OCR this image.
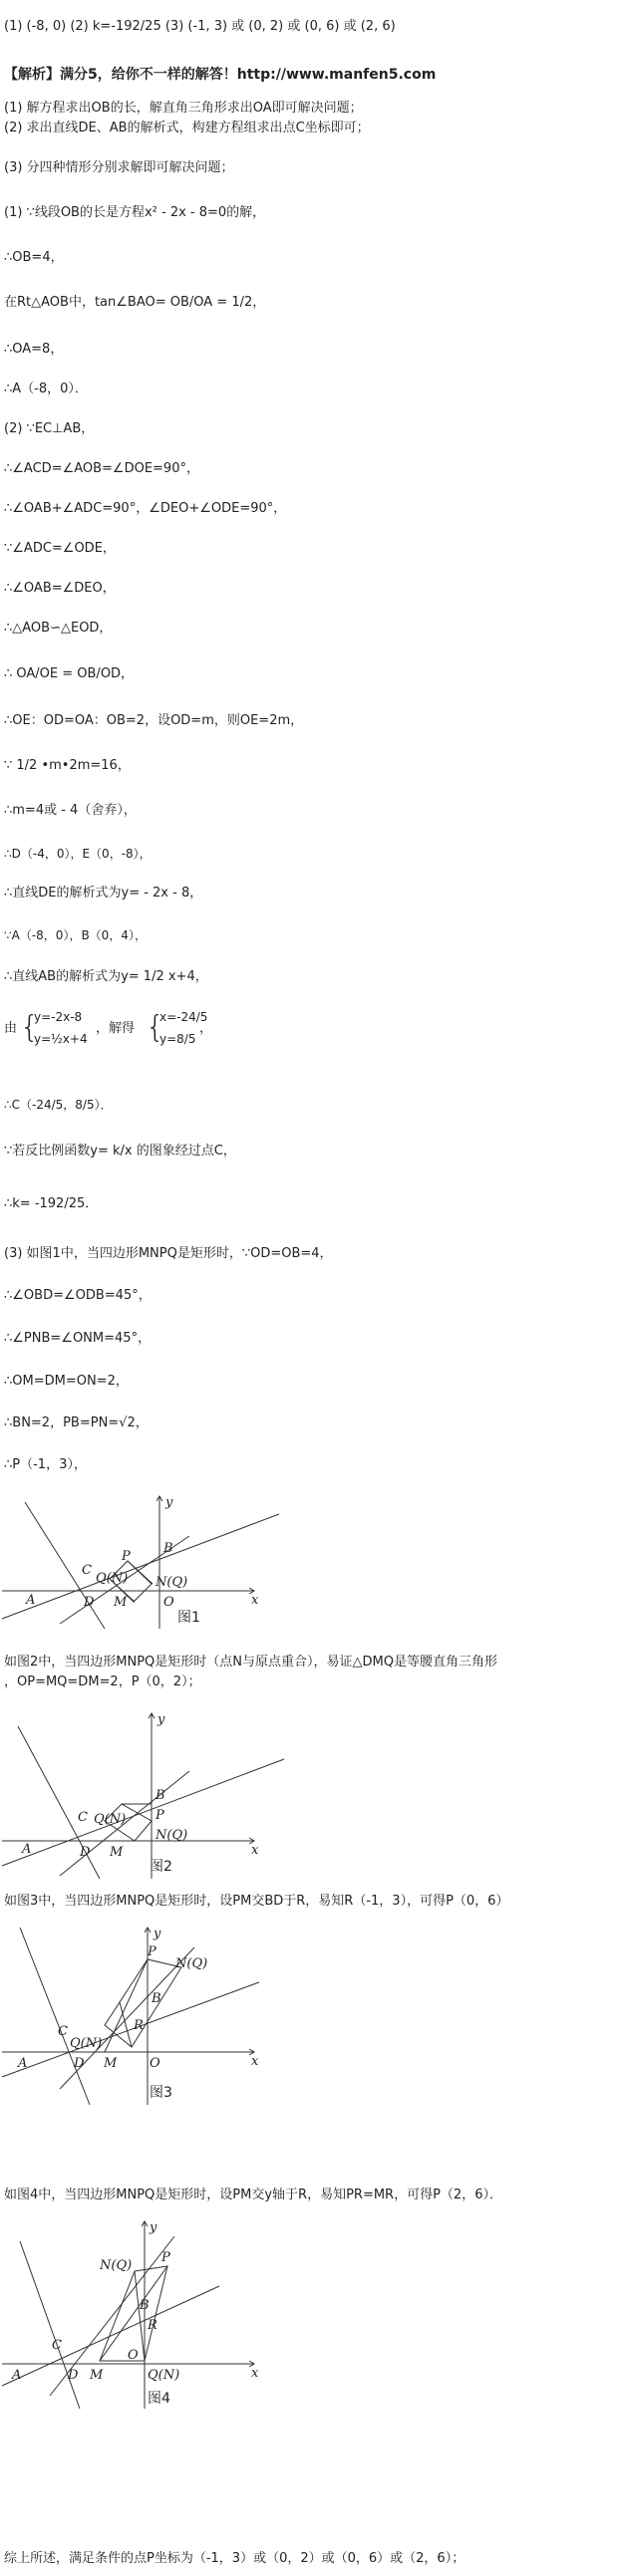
(1) (-8, 0) (2) k=-192/25 (3) (-1, 3) 或 (0, 2) 或 (0, 6) 或 (2, 6)
【解析】满分5，给你不一样的解答！http://www.manfen5.com
(1) 解方程求出OB的长，解直角三角形求出OA即可解决问题；
(2) 求出直线DE、AB的解析式，构建方程组求出点C坐标即可；
(3) 分四种情形分别求解即可解决问题；
(1) ∵线段OB的长是方程x² - 2x - 8=0的解，
∴OB=4，
在Rt△AOB中，tan∠BAO= OB/OA = 1/2，
∴OA=8，
∴A（-8，0）．
(2) ∵EC⊥AB，
∴∠ACD=∠AOB=∠DOE=90°，
∴∠OAB+∠ADC=90°，∠DEO+∠ODE=90°，
∵∠ADC=∠ODE，
∴∠OAB=∠DEO，
∴△AOB∽△EOD，
∴ OA/OE = OB/OD，
∴OE：OD=OA：OB=2，设OD=m，则OE=2m，
∵ 1/2 •m•2m=16，
∴m=4或 - 4（舍弃），
∴D（-4，0），E（0，-8），
∴直线DE的解析式为y= - 2x - 8，
∵A（-8，0），B（0，4），
∴直线AB的解析式为y= 1/2 x+4，
由 {
y=-2x-8
y=½x+4
，解得 {
x=-24/5
y=8/5
，
∴C（-24/5，8/5）．
∵若反比例函数y= k/x 的图象经过点C，
∴k= -192/25．
(3) 如图1中，当四边形MNPQ是矩形时，∵OD=OB=4，
∴∠OBD=∠ODB=45°，
∴∠PNB=∠ONM=45°，
∴OM=DM=ON=2，
∴BN=2，PB=PN=√2，
∴P（-1，3），
y
x
A
C
D M	O
B
P
Q(N) N(Q)
图1
如图2中，当四边形MNPQ是矩形时（点N与原点重合），易证△DMQ是等腰直角三角形
，OP=MQ=DM=2，P（0，2）；
y
x
A
C
D M
B
P
Q(N)
N(Q)
图2
如图3中，当四边形MNPQ是矩形时，设PM交BD于R，易知R（-1，3），可得P（0，6）
y
x
A
C
D M	O
B
P
R
Q(N)
N(Q)
图3
如图4中，当四边形MNPQ是矩形时，设PM交y轴于R，易知PR=MR，可得P（2，6）．
y
x
A
C
D M
O
B
P
R
N(Q)
Q(N)
图4
综上所述，满足条件的点P坐标为（-1，3）或（0，2）或（0，6）或（2，6）；
